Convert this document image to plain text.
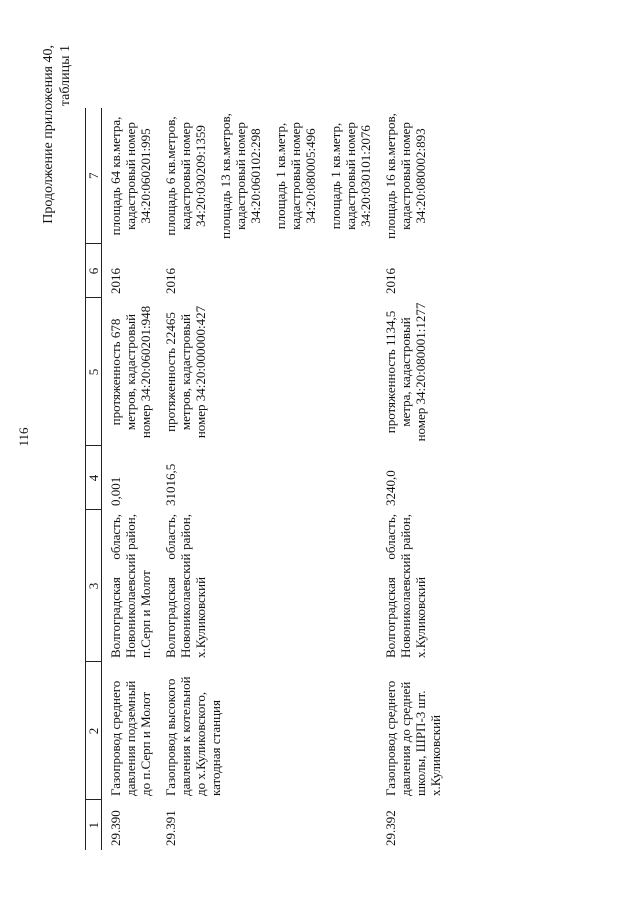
116
Продолжение приложения 40, таблицы 1
1	2	3	4	5	6	7
29.390	Газопровод среднего давления подземный до п.Серп и Молот	Волгоградская область, Новониколаевский район, п.Серп и Молот	0,001	протяженность 678 метров, кадастровый номер 34:20:060201:948	2016	площадь 64 кв.метра, кадастровый номер 34:20:060201:995

29.391	Газопровод высокого давления к котельной до х.Куликовского, катодная станция	Волгоградская область, Новониколаевский район, х.Куликовский	31016,5	протяженность 22465 метров, кадастровый номер 34:20:000000:427	2016	площадь 6 кв.метров, кадастровый номер 34:20:030209:1359 площадь 13 кв.метров, кадастровый номер 34:20:060102:298 площадь 1 кв.метр, кадастровый номер 34:20:080005:496 площадь 1 кв.метр, кадастровый номер 34:20:030101:2076

29.392	Газопровод среднего давления до средней школы, ШРП-3 шт. х.Куликовский	Волгоградская область, Новониколаевский район, х.Куликовский	3240,0	протяженность 1134,5 метра, кадастровый номер 34:20:080001:1277	2016	площадь 16 кв.метров, кадастровый номер 34:20:080002:893
